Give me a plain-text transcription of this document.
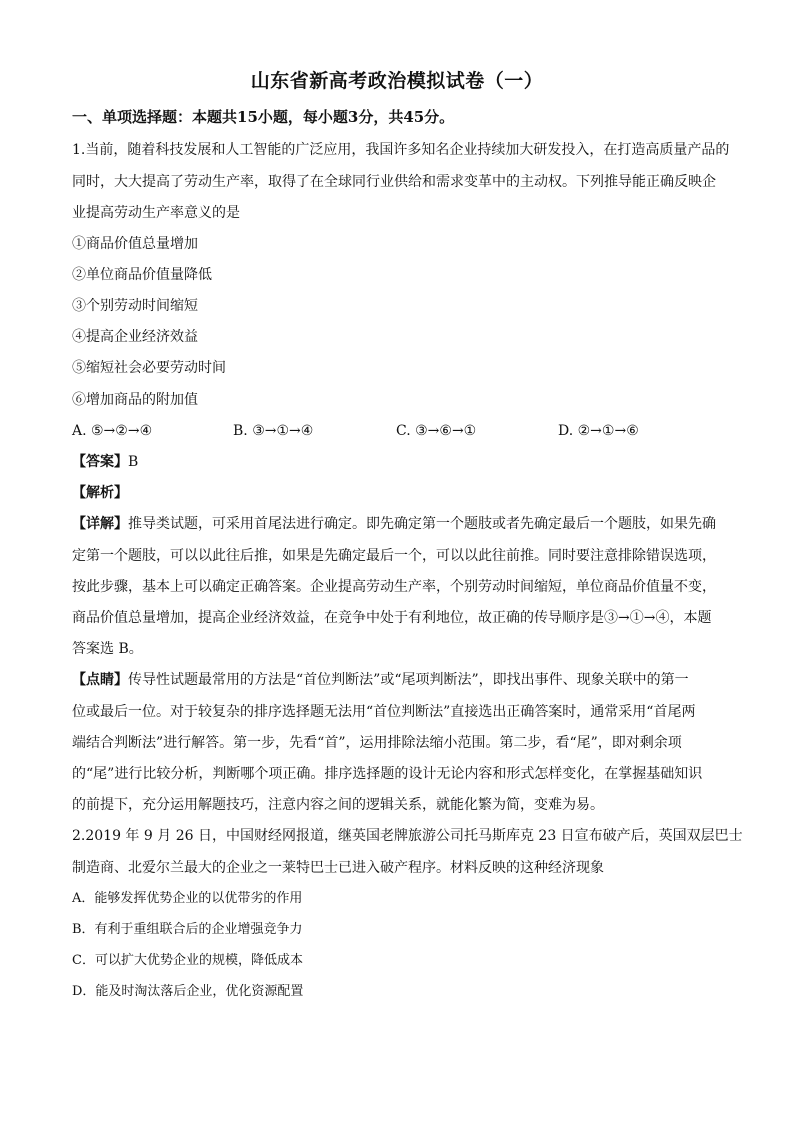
山东省新高考政治模拟试卷（一）
一、单项选择题：本题共15小题，每小题3分，共45分。
1.当前，随着科技发展和人工智能的广泛应用，我国许多知名企业持续加大研发投入，在打造高质量产品的
同时，大大提高了劳动生产率，取得了在全球同行业供给和需求变革中的主动权。下列推导能正确反映企
业提高劳动生产率意义的是
①商品价值总量增加
②单位商品价值量降低
③个别劳动时间缩短
④提高企业经济效益
⑤缩短社会必要劳动时间
⑥增加商品的附加值
A. ⑤→②→④	B. ③→①→④	C. ③→⑥→①	D. ②→①→⑥
【答案】B
【解析】
【详解】推导类试题，可采用首尾法进行确定。即先确定第一个题肢或者先确定最后一个题肢，如果先确
定第一个题肢，可以以此往后推，如果是先确定最后一个，可以以此往前推。同时要注意排除错误选项，
按此步骤，基本上可以确定正确答案。企业提高劳动生产率，个别劳动时间缩短，单位商品价值量不变，
商品价值总量增加，提高企业经济效益，在竞争中处于有利地位，故正确的传导顺序是③→①→④，本题
答案选 B。
【点睛】传导性试题最常用的方法是“首位判断法”或“尾项判断法”，即找出事件、现象关联中的第一
位或最后一位。对于较复杂的排序选择题无法用“首位判断法”直接选出正确答案时，通常采用“首尾两
端结合判断法”进行解答。第一步，先看“首”，运用排除法缩小范围。第二步，看“尾”，即对剩余项
的“尾”进行比较分析，判断哪个项正确。排序选择题的设计无论内容和形式怎样变化，在掌握基础知识
的前提下，充分运用解题技巧，注意内容之间的逻辑关系，就能化繁为简，变难为易。
2.2019 年 9 月 26 日，中国财经网报道，继英国老牌旅游公司托马斯库克 23 日宣布破产后，英国双层巴士
制造商、北爱尔兰最大的企业之一莱特巴士已进入破产程序。材料反映的这种经济现象
A．能够发挥优势企业的以优带劣的作用
B．有利于重组联合后的企业增强竞争力
C．可以扩大优势企业的规模，降低成本
D．能及时淘汰落后企业，优化资源配置
